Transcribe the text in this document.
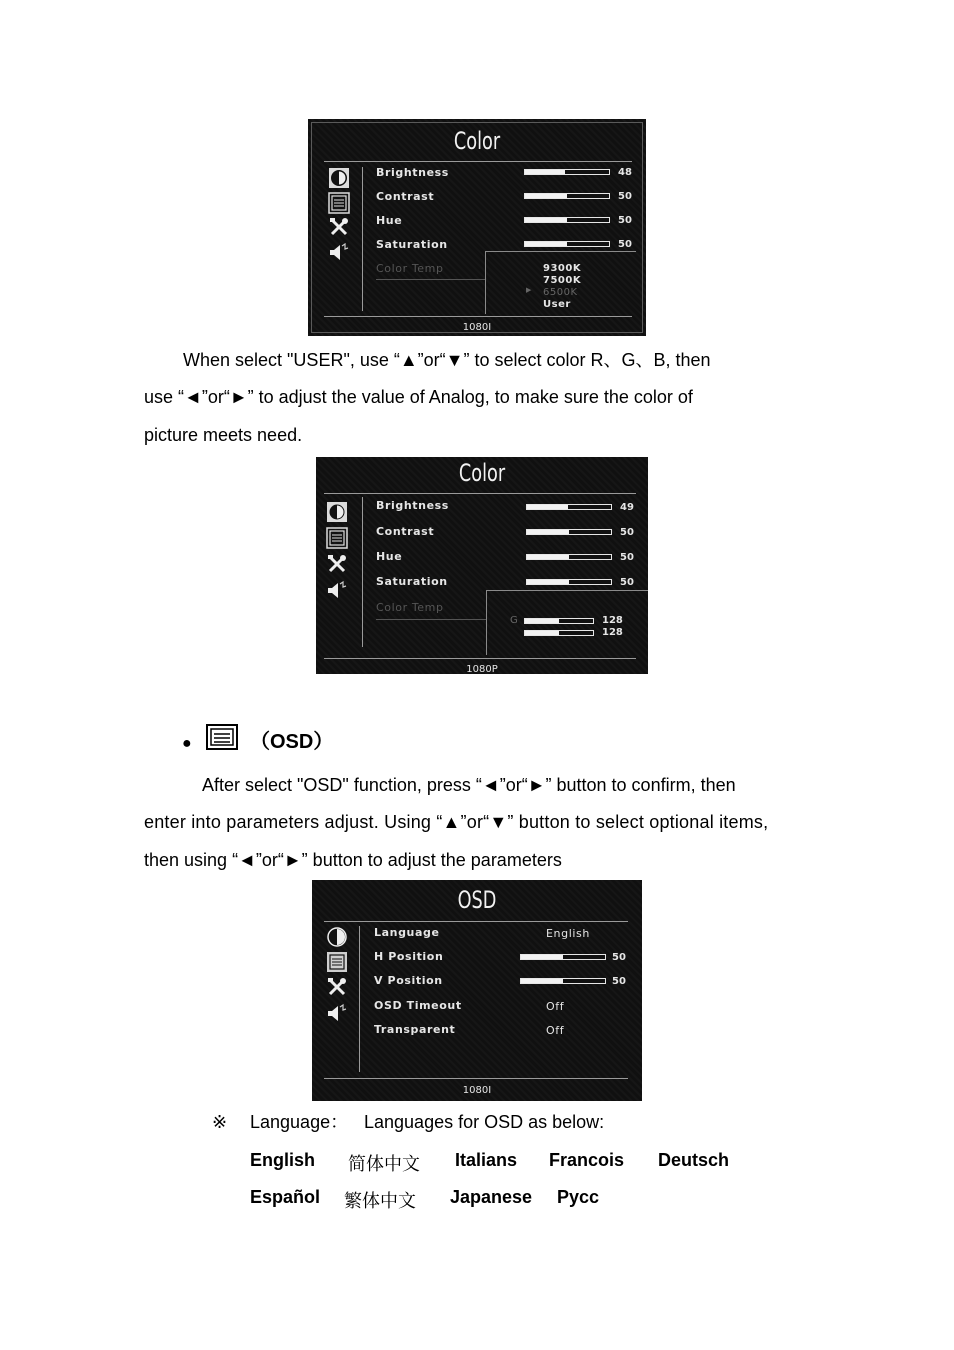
Color
Brightness
Contrast
Hue
Saturation
Color Temp
48
50
50
50
9300K
7500K
6500K
▶
User
1080I
When select "USER", use “▲”or“▼” to select color R、G、B, then
use “◄”or“►” to adjust the value of Analog, to make sure the color of
picture meets need.
Color
Brightness
Contrast
Hue
Saturation
Color Temp
49
50
50
50
G	128
128
1080P
●	（OSD）
After select "OSD" function, press “◄”or“►” button to confirm, then
enter into parameters adjust. Using “▲”or“▼” button to select optional items,
then using “◄”or“►” button to adjust the parameters
OSD
Language
H Position
V Position
OSD Timeout
Transparent
English
50
50
Off
Off
1080I
※ Language： Languages for OSD as below:
English 简体中文 Italians Francois Deutsch
Español 繁体中文 Japanese Pycc
